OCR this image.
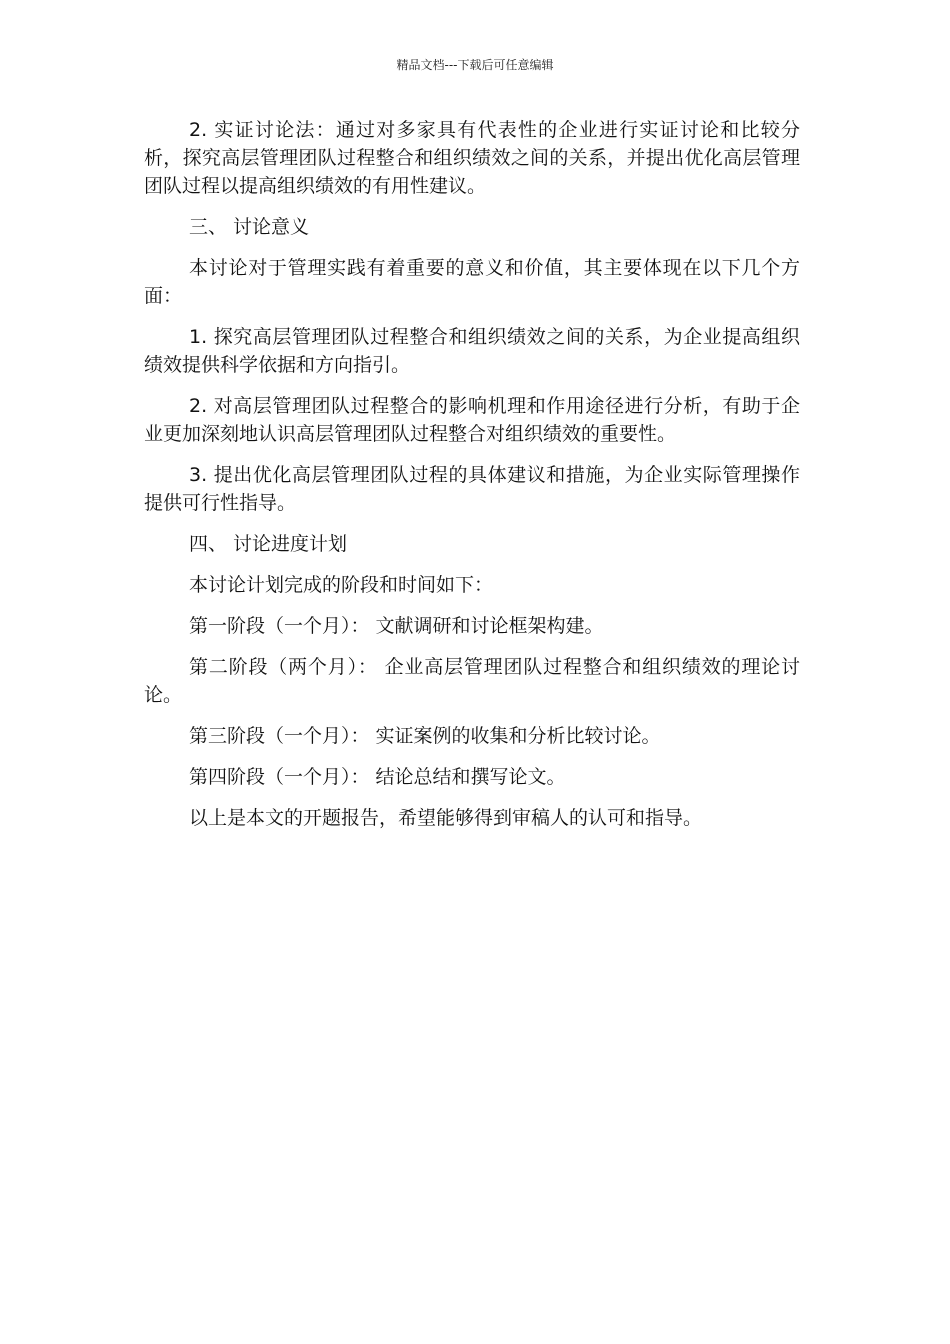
精品文档---下载后可任意编辑

2. 实证讨论法：通过对多家具有代表性的企业进行实证讨论和比较分析，探究高层管理团队过程整合和组织绩效之间的关系，并提出优化高层管理团队过程以提高组织绩效的有用性建议。

三、 讨论意义

本讨论对于管理实践有着重要的意义和价值，其主要体现在以下几个方面：

1. 探究高层管理团队过程整合和组织绩效之间的关系，为企业提高组织绩效提供科学依据和方向指引。

2. 对高层管理团队过程整合的影响机理和作用途径进行分析，有助于企业更加深刻地认识高层管理团队过程整合对组织绩效的重要性。

3. 提出优化高层管理团队过程的具体建议和措施，为企业实际管理操作提供可行性指导。

四、 讨论进度计划

本讨论计划完成的阶段和时间如下：

第一阶段（一个月）： 文献调研和讨论框架构建。

第二阶段（两个月）： 企业高层管理团队过程整合和组织绩效的理论讨论。

第三阶段（一个月）： 实证案例的收集和分析比较讨论。

第四阶段（一个月）： 结论总结和撰写论文。

以上是本文的开题报告，希望能够得到审稿人的认可和指导。
